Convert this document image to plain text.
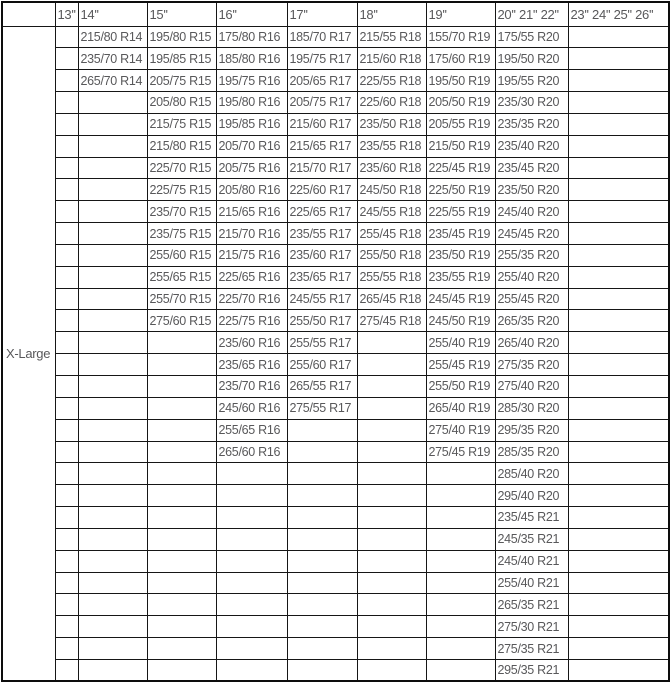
	13''	14''	15''	16''	17''	18''	19''	20'' 21'' 22''	23'' 24'' 25'' 26''
X-Large		215/80 R14	195/80 R15	175/80 R16	185/70 R17	215/55 R18	155/70 R19	175/55 R20	
		235/70 R14	195/85 R15	185/80 R16	195/75 R17	215/60 R18	175/60 R19	195/50 R20	
		265/70 R14	205/75 R15	195/75 R16	205/65 R17	225/55 R18	195/50 R19	195/55 R20	
			205/80 R15	195/80 R16	205/75 R17	225/60 R18	205/50 R19	235/30 R20	
			215/75 R15	195/85 R16	215/60 R17	235/50 R18	205/55 R19	235/35 R20	
			215/80 R15	205/70 R16	215/65 R17	235/55 R18	215/50 R19	235/40 R20	
			225/70 R15	205/75 R16	215/70 R17	235/60 R18	225/45 R19	235/45 R20	
			225/75 R15	205/80 R16	225/60 R17	245/50 R18	225/50 R19	235/50 R20	
			235/70 R15	215/65 R16	225/65 R17	245/55 R18	225/55 R19	245/40 R20	
			235/75 R15	215/70 R16	235/55 R17	255/45 R18	235/45 R19	245/45 R20	
			255/60 R15	215/75 R16	235/60 R17	255/50 R18	235/50 R19	255/35 R20	
			255/65 R15	225/65 R16	235/65 R17	255/55 R18	235/55 R19	255/40 R20	
			255/70 R15	225/70 R16	245/55 R17	265/45 R18	245/45 R19	255/45 R20	
			275/60 R15	225/75 R16	255/50 R17	275/45 R18	245/50 R19	265/35 R20	
				235/60 R16	255/55 R17		255/40 R19	265/40 R20	
				235/65 R16	255/60 R17		255/45 R19	275/35 R20	
				235/70 R16	265/55 R17		255/50 R19	275/40 R20	
				245/60 R16	275/55 R17		265/40 R19	285/30 R20	
				255/65 R16			275/40 R19	295/35 R20	
				265/60 R16			275/45 R19	285/35 R20	
								285/40 R20	
								295/40 R20	
								235/45 R21	
								245/35 R21	
								245/40 R21	
								255/40 R21	
								265/35 R21	
								275/30 R21	
								275/35 R21	
								295/35 R21	
